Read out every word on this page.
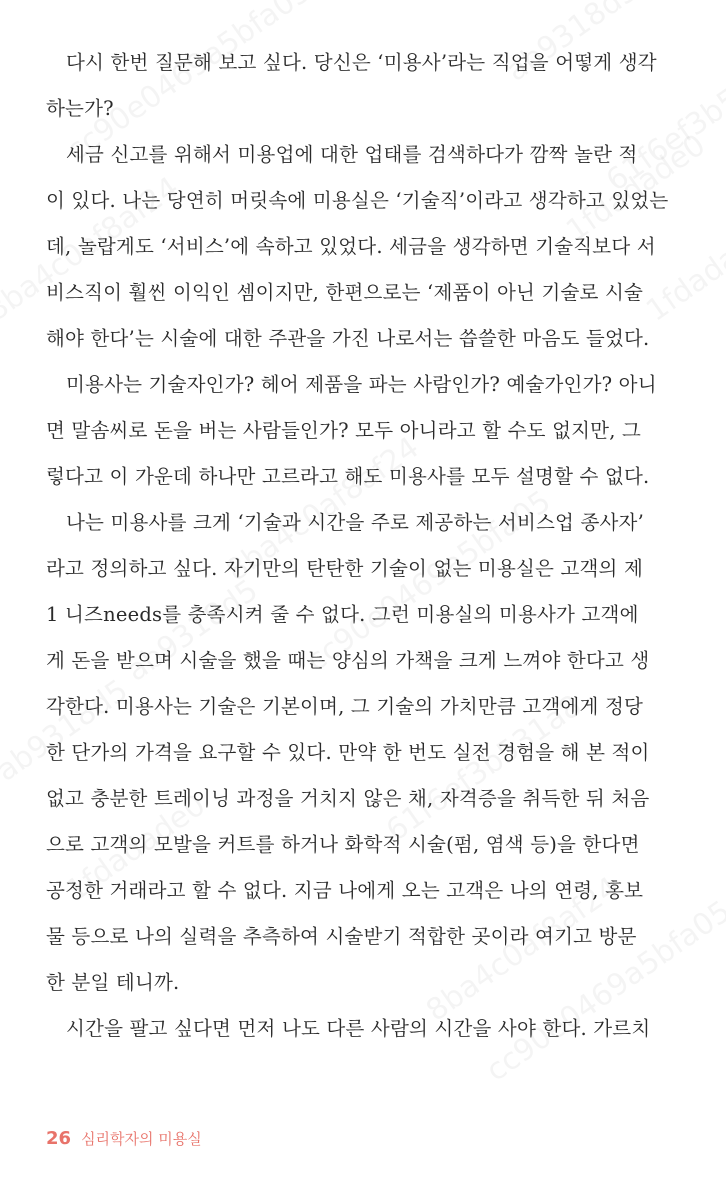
다시 한번 질문해 보고 싶다. 당신은 ‘미용사’라는 직업을 어떻게 생각
하는가?
세금 신고를 위해서 미용업에 대한 업태를 검색하다가 깜짝 놀란 적
이 있다. 나는 당연히 머릿속에 미용실은 ‘기술직’이라고 생각하고 있었는
데, 놀랍게도 ‘서비스’에 속하고 있었다. 세금을 생각하면 기술직보다 서
비스직이 훨씬 이익인 셈이지만, 한편으로는 ‘제품이 아닌 기술로 시술
해야 한다’는 시술에 대한 주관을 가진 나로서는 씁쓸한 마음도 들었다.
미용사는 기술자인가? 헤어 제품을 파는 사람인가? 예술가인가? 아니
면 말솜씨로 돈을 버는 사람들인가? 모두 아니라고 할 수도 없지만, 그
렇다고 이 가운데 하나만 고르라고 해도 미용사를 모두 설명할 수 없다.
나는 미용사를 크게 ‘기술과 시간을 주로 제공하는 서비스업 종사자’
라고 정의하고 싶다. 자기만의 탄탄한 기술이 없는 미용실은 고객의 제
1 니즈needs를 충족시켜 줄 수 없다. 그런 미용실의 미용사가 고객에
게 돈을 받으며 시술을 했을 때는 양심의 가책을 크게 느껴야 한다고 생
각한다. 미용사는 기술은 기본이며, 그 기술의 가치만큼 고객에게 정당
한 단가의 가격을 요구할 수 있다. 만약 한 번도 실전 경험을 해 본 적이
없고 충분한 트레이닝 과정을 거치지 않은 채, 자격증을 취득한 뒤 처음
으로 고객의 모발을 커트를 하거나 화학적 시술(펌, 염색 등)을 한다면
공정한 거래라고 할 수 없다. 지금 나에게 오는 고객은 나의 연령, 홍보
물 등으로 나의 실력을 추측하여 시술받기 적합한 곳이라 여기고 방문
한 분일 테니까.
시간을 팔고 싶다면 먼저 나도 다른 사람의 시간을 사야 한다. 가르치
26 심리학자의 미용실
